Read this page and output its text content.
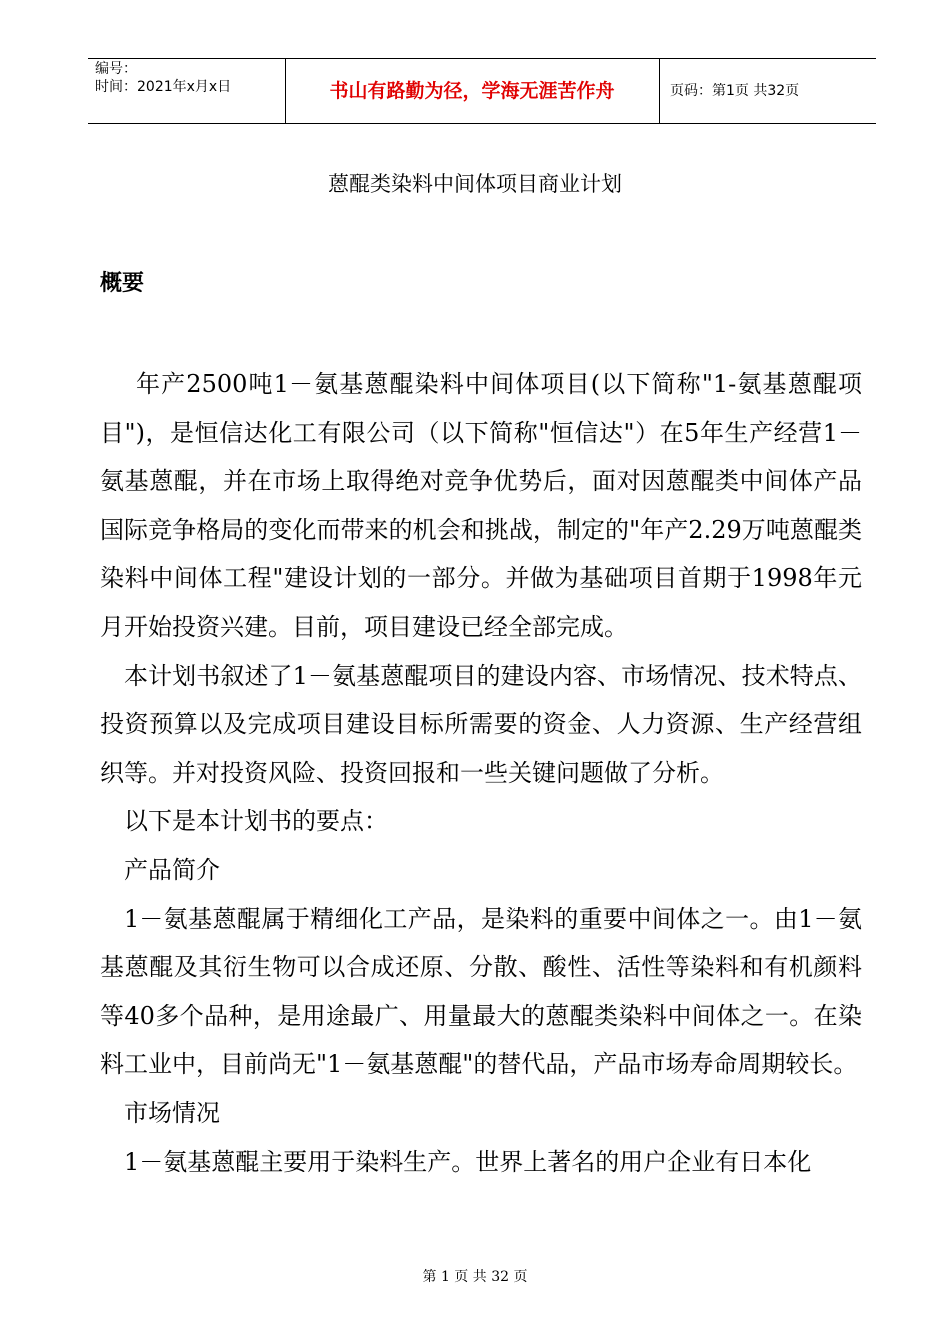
编号：
时间：2021年x月x日	书山有路勤为径，学海无涯苦作舟	页码：第1页 共32页
蒽醌类染料中间体项目商业计划
概要

年产2500吨1－氨基蒽醌染料中间体项目(以下简称"1-氨基蒽醌项目")，是恒信达化工有限公司（以下简称"恒信达"）在5年生产经营1－氨基蒽醌，并在市场上取得绝对竞争优势后，面对因蒽醌类中间体产品国际竞争格局的变化而带来的机会和挑战，制定的"年产2.29万吨蒽醌类染料中间体工程"建设计划的一部分。并做为基础项目首期于1998年元月开始投资兴建。目前，项目建设已经全部完成。

本计划书叙述了1－氨基蒽醌项目的建设内容、市场情况、技术特点、投资预算以及完成项目建设目标所需要的资金、人力资源、生产经营组织等。并对投资风险、投资回报和一些关键问题做了分析。

以下是本计划书的要点：

产品简介

1－氨基蒽醌属于精细化工产品，是染料的重要中间体之一。由1－氨基蒽醌及其衍生物可以合成还原、分散、酸性、活性等染料和有机颜料等40多个品种，是用途最广、用量最大的蒽醌类染料中间体之一。在染料工业中，目前尚无"1－氨基蒽醌"的替代品，产品市场寿命周期较长。

市场情况

1－氨基蒽醌主要用于染料生产。世界上著名的用户企业有日本化

第 1 页 共 32 页
